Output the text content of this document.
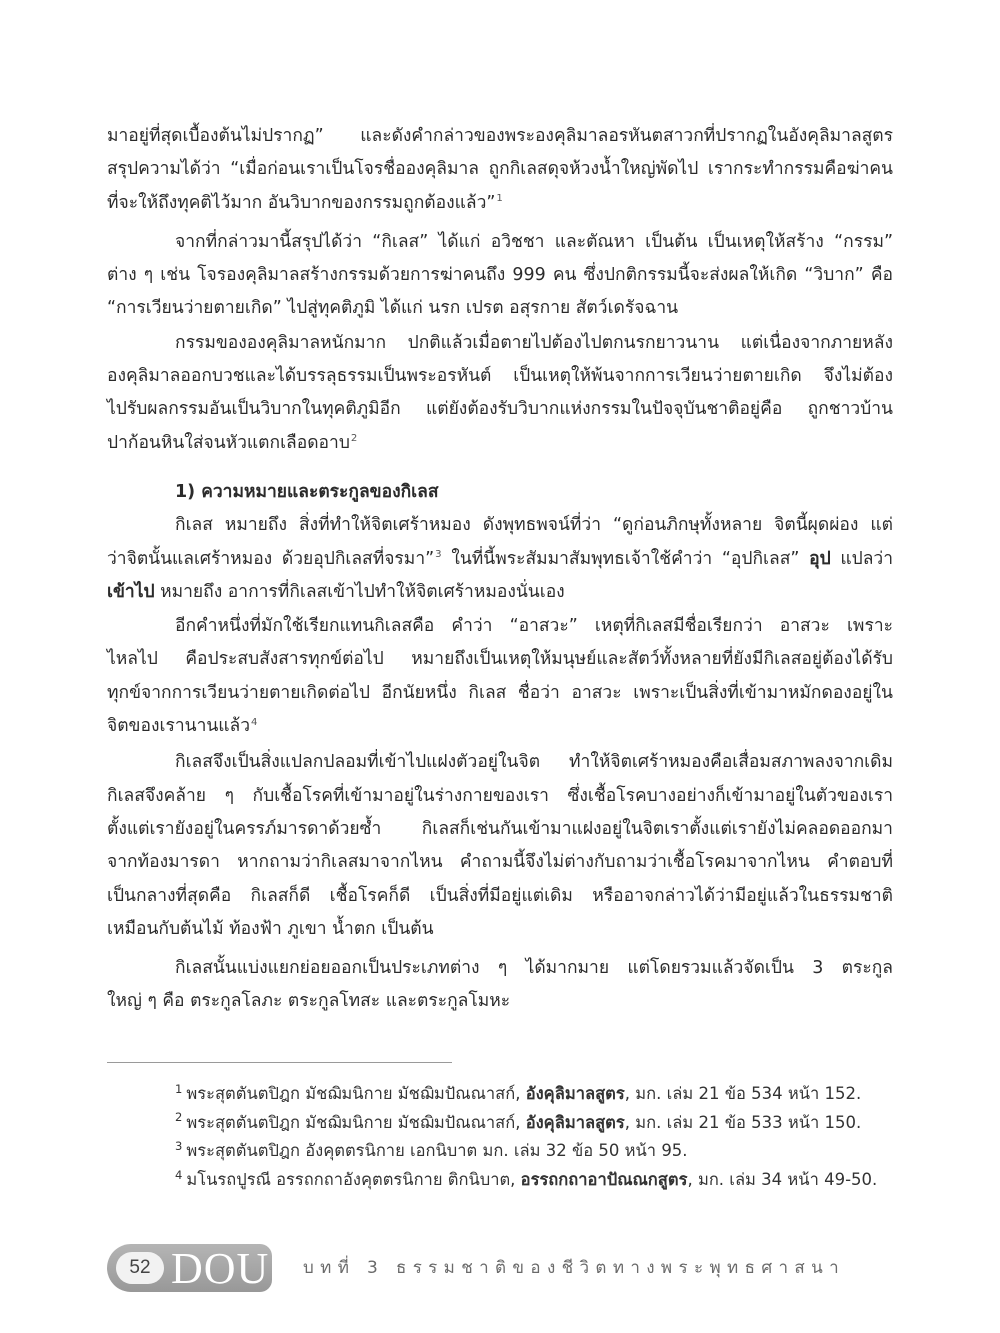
มาอยู่ที่สุดเบื้องต้นไม่ปรากฏ” และดังคำกล่าวของพระองคุลิมาลอรหันตสาวกที่ปรากฏในอังคุลิมาลสูตร
สรุปความได้ว่า “เมื่อก่อนเราเป็นโจรชื่อองคุลิมาล ถูกกิเลสดุจห้วงน้ำใหญ่พัดไป เรากระทำกรรมคือฆ่าคน
ที่จะให้ถึงทุคติไว้มาก อันวิบากของกรรมถูกต้องแล้ว”$^1$
จากที่กล่าวมานี้สรุปได้ว่า “กิเลส” ได้แก่ อวิชชา และตัณหา เป็นต้น เป็นเหตุให้สร้าง “กรรม”
ต่าง ๆ เช่น โจรองคุลิมาลสร้างกรรมด้วยการฆ่าคนถึง 999 คน ซึ่งปกติกรรมนี้จะส่งผลให้เกิด “วิบาก” คือ
“การเวียนว่ายตายเกิด” ไปสู่ทุคติภูมิ ได้แก่ นรก เปรต อสุรกาย สัตว์เดรัจฉาน
กรรมขององคุลิมาลหนักมาก ปกติแล้วเมื่อตายไปต้องไปตกนรกยาวนาน แต่เนื่องจากภายหลัง
องคุลิมาลออกบวชและได้บรรลุธรรมเป็นพระอรหันต์ เป็นเหตุให้พ้นจากการเวียนว่ายตายเกิด จึงไม่ต้อง
ไปรับผลกรรมอันเป็นวิบากในทุคติภูมิอีก แต่ยังต้องรับวิบากแห่งกรรมในปัจจุบันชาติอยู่คือ ถูกชาวบ้าน
ปาก้อนหินใส่จนหัวแตกเลือดอาบ$^2$
1) ความหมายและตระกูลของกิเลส
กิเลส หมายถึง สิ่งที่ทำให้จิตเศร้าหมอง ดังพุทธพจน์ที่ว่า “ดูก่อนภิกษุทั้งหลาย จิตนี้ผุดผ่อง แต่
ว่าจิตนั้นแลเศร้าหมอง ด้วยอุปกิเลสที่จรมา”$^3$ ในที่นี้พระสัมมาสัมพุทธเจ้าใช้คำว่า “อุปกิเลส” อุป แปลว่า
เข้าไป หมายถึง อาการที่กิเลสเข้าไปทำให้จิตเศร้าหมองนั่นเอง
อีกคำหนึ่งที่มักใช้เรียกแทนกิเลสคือ คำว่า “อาสวะ” เหตุที่กิเลสมีชื่อเรียกว่า อาสวะ เพราะ
ไหลไป คือประสบสังสารทุกข์ต่อไป หมายถึงเป็นเหตุให้มนุษย์และสัตว์ทั้งหลายที่ยังมีกิเลสอยู่ต้องได้รับ
ทุกข์จากการเวียนว่ายตายเกิดต่อไป อีกนัยหนึ่ง กิเลส ชื่อว่า อาสวะ เพราะเป็นสิ่งที่เข้ามาหมักดองอยู่ใน
จิตของเรานานแล้ว$^4$
กิเลสจึงเป็นสิ่งแปลกปลอมที่เข้าไปแฝงตัวอยู่ในจิต ทำให้จิตเศร้าหมองคือเสื่อมสภาพลงจากเดิม
กิเลสจึงคล้าย ๆ กับเชื้อโรคที่เข้ามาอยู่ในร่างกายของเรา ซึ่งเชื้อโรคบางอย่างก็เข้ามาอยู่ในตัวของเรา
ตั้งแต่เรายังอยู่ในครรภ์มารดาด้วยซ้ำ กิเลสก็เช่นกันเข้ามาแฝงอยู่ในจิตเราตั้งแต่เรายังไม่คลอดออกมา
จากท้องมารดา หากถามว่ากิเลสมาจากไหน คำถามนี้จึงไม่ต่างกับถามว่าเชื้อโรคมาจากไหน คำตอบที่
เป็นกลางที่สุดคือ กิเลสก็ดี เชื้อโรคก็ดี เป็นสิ่งที่มีอยู่แต่เดิม หรืออาจกล่าวได้ว่ามีอยู่แล้วในธรรมชาติ
เหมือนกับต้นไม้ ท้องฟ้า ภูเขา น้ำตก เป็นต้น
กิเลสนั้นแบ่งแยกย่อยออกเป็นประเภทต่าง ๆ ได้มากมาย แต่โดยรวมแล้วจัดเป็น 3 ตระกูล
ใหญ่ ๆ คือ ตระกูลโลภะ ตระกูลโทสะ และตระกูลโมหะ
$^1$ พระสุตตันตปิฎก มัชฌิมนิกาย มัชฌิมปัณณาสก์, อังคุลิมาลสูตร, มก. เล่ม 21 ข้อ 534 หน้า 152.
$^2$ พระสุตตันตปิฎก มัชฌิมนิกาย มัชฌิมปัณณาสก์, อังคุลิมาลสูตร, มก. เล่ม 21 ข้อ 533 หน้า 150.
$^3$ พระสุตตันตปิฎก อังคุตตรนิกาย เอกนิบาต มก. เล่ม 32 ข้อ 50 หน้า 95.
$^4$ มโนรถปูรณี อรรถกถาอังคุตตรนิกาย ติกนิบาต, อรรถกถาอาปัณณกสูตร, มก. เล่ม 34 หน้า 49-50.
52 DOU บทที่ 3 ธรรมชาติของชีวิตทางพระพุทธศาสนา
